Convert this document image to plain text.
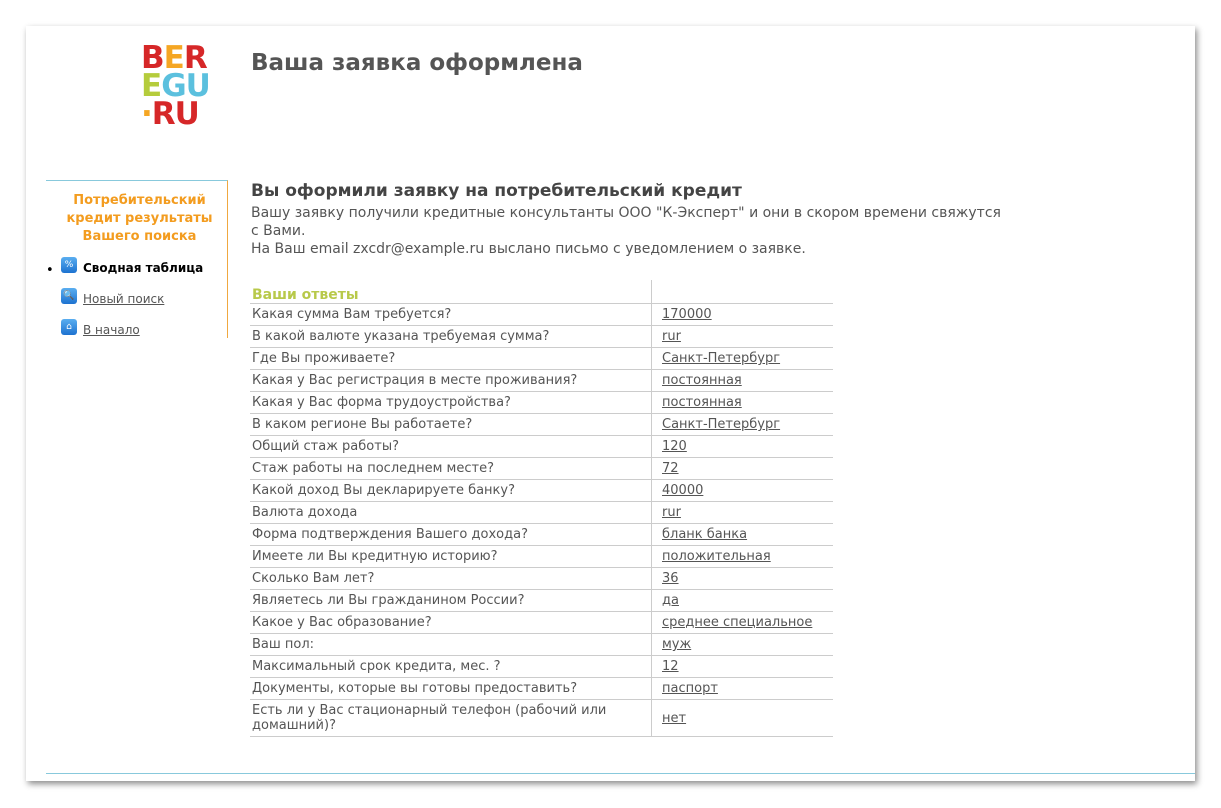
BER
EGU
·RU
Ваша заявка оформлена
Потребительский кредит результаты Вашего поиска
•	% Сводная таблица
🔍 Новый поиск
⌂ В начало
Вы оформили заявку на потребительский кредит

Вашу заявку получили кредитные консультанты ООО "К-Эксперт" и они в скором времени свяжутся с Вами.

На Ваш email zxcdr@example.ru выслано письмо с уведомлением о заявке.

Ваши ответы	
Какая сумма Вам требуется?	170000
В какой валюте указана требуемая сумма?	rur
Где Вы проживаете?	Санкт-Петербург
Какая у Вас регистрация в месте проживания?	постоянная
Какая у Вас форма трудоустройства?	постоянная
В каком регионе Вы работаете?	Санкт-Петербург
Общий стаж работы?	120
Стаж работы на последнем месте?	72
Какой доход Вы декларируете банку?	40000
Валюта дохода	rur
Форма подтверждения Вашего дохода?	бланк банка
Имеете ли Вы кредитную историю?	положительная
Сколько Вам лет?	36
Являетесь ли Вы гражданином России?	да
Какое у Вас образование?	среднее специальное
Ваш пол:	муж
Максимальный срок кредита, мес. ?	12
Документы, которые вы готовы предоставить?	паспорт
Есть ли у Вас стационарный телефон (рабочий или домашний)?	нет
